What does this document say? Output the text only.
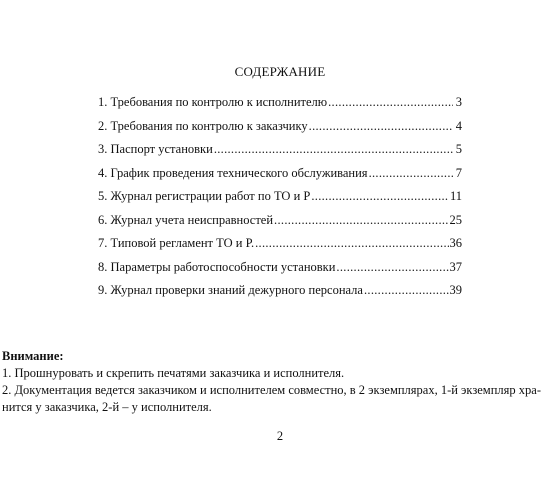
СОДЕРЖАНИЕ
1. Требования по контролю к исполнителю .....	3
2. Требования по контролю к заказчику .....	4
3. Паспорт установки .....	5
4. График проведения технического обслуживания .....	7
5. Журнал регистрации работ по ТО и Р .....	11
6. Журнал учета неисправностей .....	25
7. Типовой регламент ТО и Р. .....	36
8. Параметры работоспособности установки .....	37
9. Журнал проверки знаний дежурного персонала .....	39
Внимание:
1. Прошнуровать и скрепить печатями заказчика и исполнителя.
2. Документация ведется заказчиком и исполнителем совместно, в 2 экземплярах, 1-й экземпляр хра-
нится у заказчика, 2-й – у исполнителя.
2
